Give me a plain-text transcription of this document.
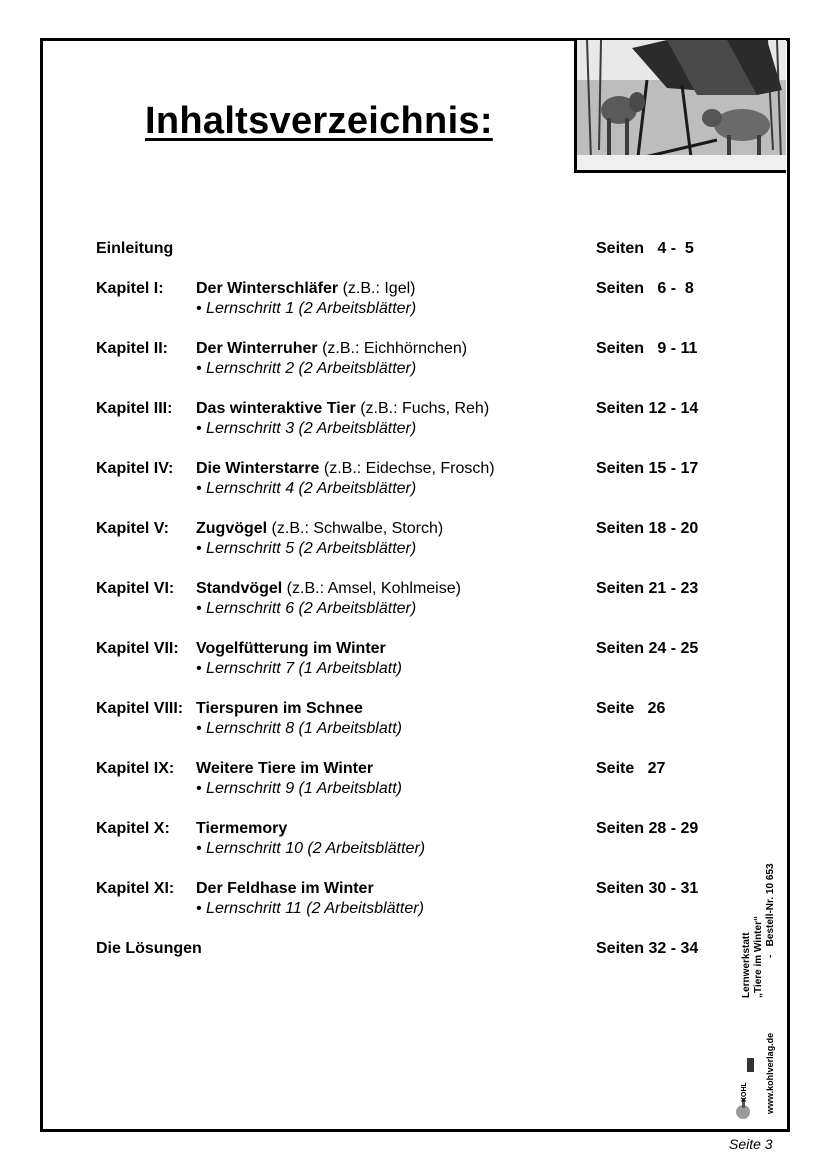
Inhaltsverzeichnis:
Einleitung	Seiten   4 -  5
Kapitel I: Der Winterschläfer (z.B.: Igel)
• Lernschritt 1 (2 Arbeitsblätter)
Seiten   6 -  8
Kapitel II: Der Winterruher (z.B.: Eichhörnchen)
• Lernschritt 2 (2 Arbeitsblätter)
Seiten   9 - 11
Kapitel III: Das winteraktive Tier (z.B.: Fuchs, Reh)
• Lernschritt 3 (2 Arbeitsblätter)
Seiten 12 - 14
Kapitel IV: Die Winterstarre (z.B.: Eidechse, Frosch)
• Lernschritt 4 (2 Arbeitsblätter)
Seiten 15 - 17
Kapitel V: Zugvögel (z.B.: Schwalbe, Storch)
• Lernschritt 5 (2 Arbeitsblätter)
Seiten 18 - 20
Kapitel VI: Standvögel (z.B.: Amsel, Kohlmeise)
• Lernschritt 6 (2 Arbeitsblätter)
Seiten 21 - 23
Kapitel VII: Vogelfütterung im Winter
• Lernschritt 7 (1 Arbeitsblatt)
Seiten 24 - 25
Kapitel VIII: Tierspuren im Schnee
• Lernschritt 8 (1 Arbeitsblatt)
Seite   26
Kapitel IX: Weitere Tiere im Winter
• Lernschritt 9 (1 Arbeitsblatt)
Seite   27
Kapitel X: Tiermemory
• Lernschritt 10 (2 Arbeitsblätter)
Seiten 28 - 29
Kapitel XI: Der Feldhase im Winter
• Lernschritt 11 (2 Arbeitsblätter)
Seiten 30 - 31
Die Lösungen	Seiten 32 - 34
KOHL
Lernwerkstatt „Tiere im Winter“
www.kohlverlag.de
-   Bestell-Nr. 10 653
Seite 3
